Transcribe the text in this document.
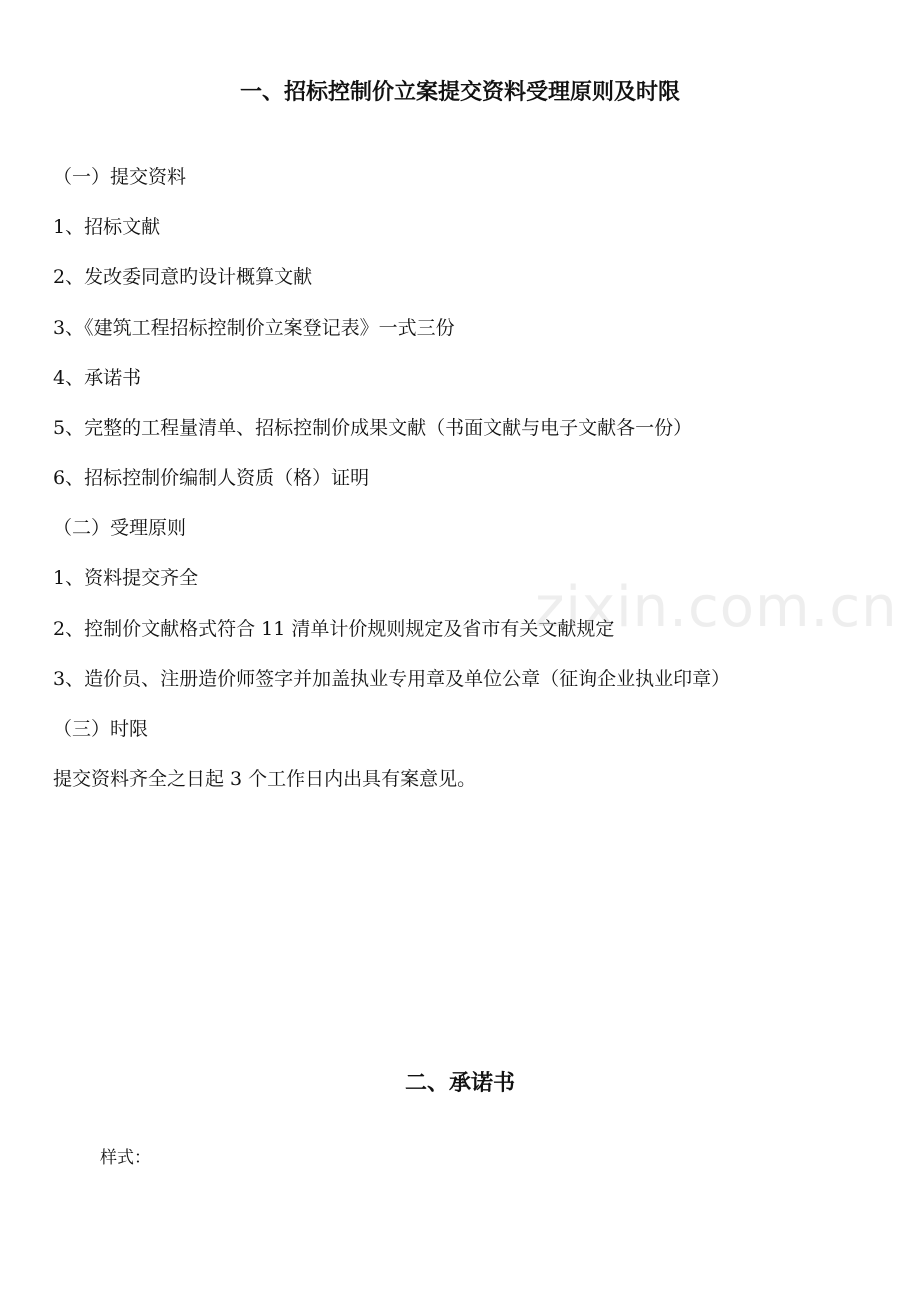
一、招标控制价立案提交资料受理原则及时限

（一）提交资料

1、招标文献

2、发改委同意旳设计概算文献

3、《建筑工程招标控制价立案登记表》一式三份

4、承诺书

5、完整的工程量清单、招标控制价成果文献（书面文献与电子文献各一份）

6、招标控制价编制人资质（格）证明

（二）受理原则

1、资料提交齐全

2、控制价文献格式符合 11 清单计价规则规定及省市有关文献规定

3、造价员、注册造价师签字并加盖执业专用章及单位公章（征询企业执业印章）

（三）时限

提交资料齐全之日起 3 个工作日内出具有案意见。

二、承诺书

样式：

zixin.com.cn
